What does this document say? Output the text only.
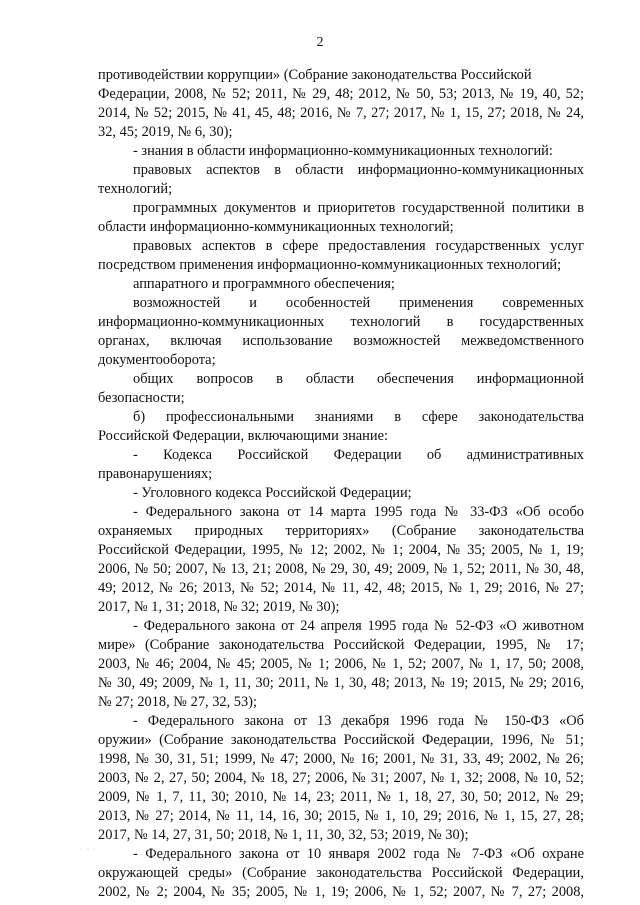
2
противодействии коррупции» (Собрание законодательства Российской
Федерации, 2008, № 52; 2011, № 29, 48; 2012, № 50, 53; 2013, № 19, 40, 52;
2014, № 52; 2015, № 41, 45, 48; 2016, № 7, 27; 2017, № 1, 15, 27; 2018, № 24,
32, 45; 2019, № 6, 30);
- знания в области информационно-коммуникационных технологий:
правовых аспектов в области информационно-коммуникационных
технологий;
программных документов и приоритетов государственной политики в
области информационно-коммуникационных технологий;
правовых аспектов в сфере предоставления государственных услуг
посредством применения информационно-коммуникационных технологий;
аппаратного и программного обеспечения;
возможностей и особенностей применения современных
информационно-коммуникационных технологий в государственных
органах, включая использование возможностей межведомственного
документооборота;
общих вопросов в области обеспечения информационной
безопасности;
б) профессиональными знаниями в сфере законодательства
Российской Федерации, включающими знание:
- Кодекса Российской Федерации об административных
правонарушениях;
- Уголовного кодекса Российской Федерации;
- Федерального закона от 14 марта 1995 года № 33-ФЗ «Об особо
охраняемых природных территориях» (Собрание законодательства
Российской Федерации, 1995, № 12; 2002, № 1; 2004, № 35; 2005, № 1, 19;
2006, № 50; 2007, № 13, 21; 2008, № 29, 30, 49; 2009, № 1, 52; 2011, № 30, 48,
49; 2012, № 26; 2013, № 52; 2014, № 11, 42, 48; 2015, № 1, 29; 2016, № 27;
2017, № 1, 31; 2018, № 32; 2019, № 30);
- Федерального закона от 24 апреля 1995 года № 52-ФЗ «О животном
мире» (Собрание законодательства Российской Федерации, 1995, № 17;
2003, № 46; 2004, № 45; 2005, № 1; 2006, № 1, 52; 2007, № 1, 17, 50; 2008,
№ 30, 49; 2009, № 1, 11, 30; 2011, № 1, 30, 48; 2013, № 19; 2015, № 29; 2016,
№ 27; 2018, № 27, 32, 53);
- Федерального закона от 13 декабря 1996 года № 150-ФЗ «Об
оружии» (Собрание законодательства Российской Федерации, 1996, № 51;
1998, № 30, 31, 51; 1999, № 47; 2000, № 16; 2001, № 31, 33, 49; 2002, № 26;
2003, № 2, 27, 50; 2004, № 18, 27; 2006, № 31; 2007, № 1, 32; 2008, № 10, 52;
2009, № 1, 7, 11, 30; 2010, № 14, 23; 2011, № 1, 18, 27, 30, 50; 2012, № 29;
2013, № 27; 2014, № 11, 14, 16, 30; 2015, № 1, 10, 29; 2016, № 1, 15, 27, 28;
2017, № 14, 27, 31, 50; 2018, № 1, 11, 30, 32, 53; 2019, № 30);
- Федерального закона от 10 января 2002 года № 7-ФЗ «Об охране
окружающей среды» (Собрание законодательства Российской Федерации,
2002, № 2; 2004, № 35; 2005, № 1, 19; 2006, № 1, 52; 2007, № 7, 27; 2008,
· · ·
